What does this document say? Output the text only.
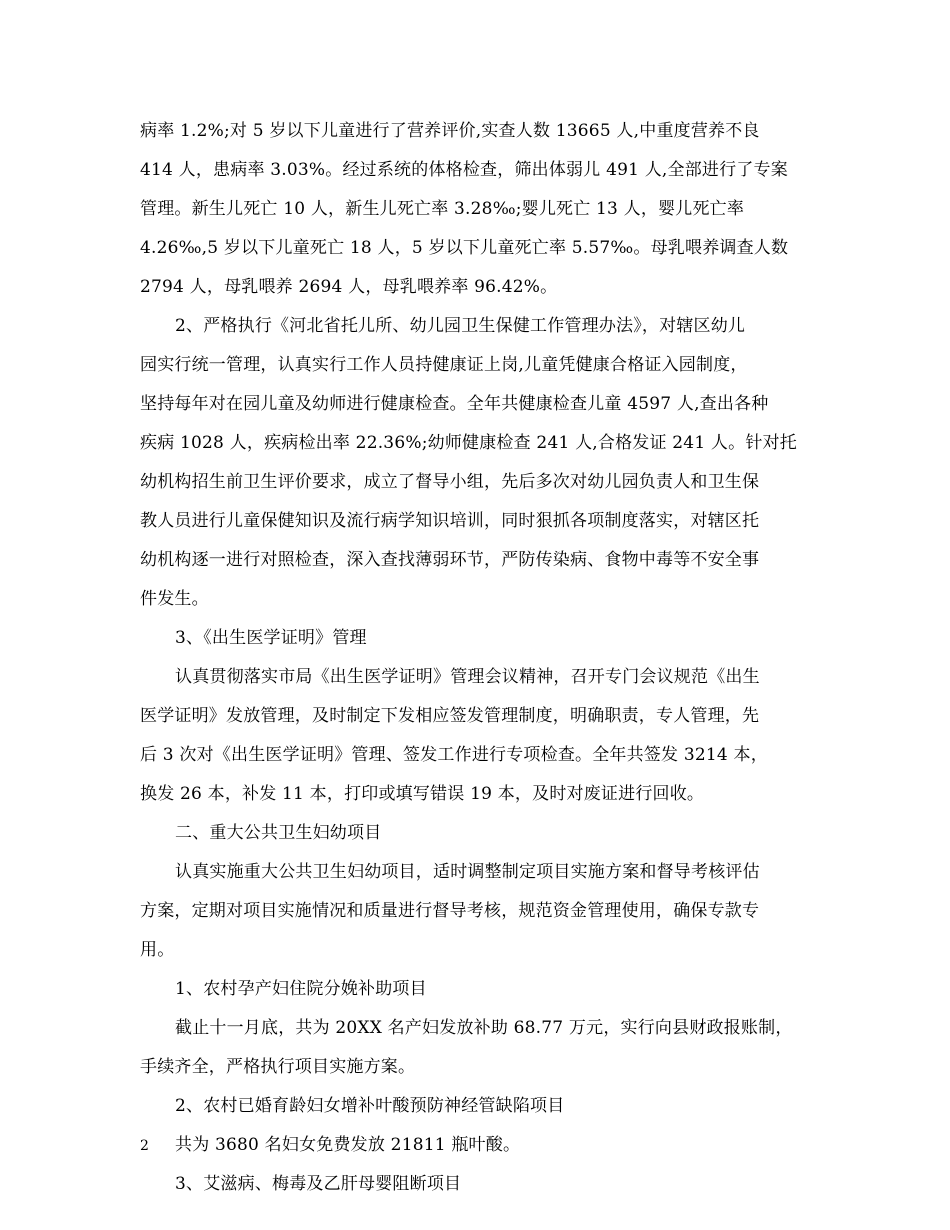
病率 1.2%;对 5 岁以下儿童进行了营养评价,实查人数 13665 人,中重度营养不良
414 人，患病率 3.03%。经过系统的体格检查，筛出体弱儿 491 人,全部进行了专案
管理。新生儿死亡 10 人，新生儿死亡率 3.28‰;婴儿死亡 13 人，婴儿死亡率
4.26‰,5 岁以下儿童死亡 18 人，5 岁以下儿童死亡率 5.57‰。母乳喂养调查人数
2794 人，母乳喂养 2694 人，母乳喂养率 96.42%。
2、严格执行《河北省托儿所、幼儿园卫生保健工作管理办法》，对辖区幼儿
园实行统一管理，认真实行工作人员持健康证上岗,儿童凭健康合格证入园制度，
坚持每年对在园儿童及幼师进行健康检查。全年共健康检查儿童 4597 人,查出各种
疾病 1028 人，疾病检出率 22.36%;幼师健康检查 241 人,合格发证 241 人。针对托
幼机构招生前卫生评价要求，成立了督导小组，先后多次对幼儿园负责人和卫生保
教人员进行儿童保健知识及流行病学知识培训，同时狠抓各项制度落实，对辖区托
幼机构逐一进行对照检查，深入查找薄弱环节，严防传染病、食物中毒等不安全事
件发生。
3、《出生医学证明》管理
认真贯彻落实市局《出生医学证明》管理会议精神，召开专门会议规范《出生
医学证明》发放管理，及时制定下发相应签发管理制度，明确职责，专人管理，先
后 3 次对《出生医学证明》管理、签发工作进行专项检查。全年共签发 3214 本，
换发 26 本，补发 11 本，打印或填写错误 19 本，及时对废证进行回收。
二、重大公共卫生妇幼项目
认真实施重大公共卫生妇幼项目，适时调整制定项目实施方案和督导考核评估
方案，定期对项目实施情况和质量进行督导考核，规范资金管理使用，确保专款专
用。
1、农村孕产妇住院分娩补助项目
截止十一月底，共为 20XX 名产妇发放补助 68.77 万元，实行向县财政报账制，
手续齐全，严格执行项目实施方案。
2、农村已婚育龄妇女增补叶酸预防神经管缺陷项目
共为 3680 名妇女免费发放 21811 瓶叶酸。
3、艾滋病、梅毒及乙肝母婴阻断项目
2
